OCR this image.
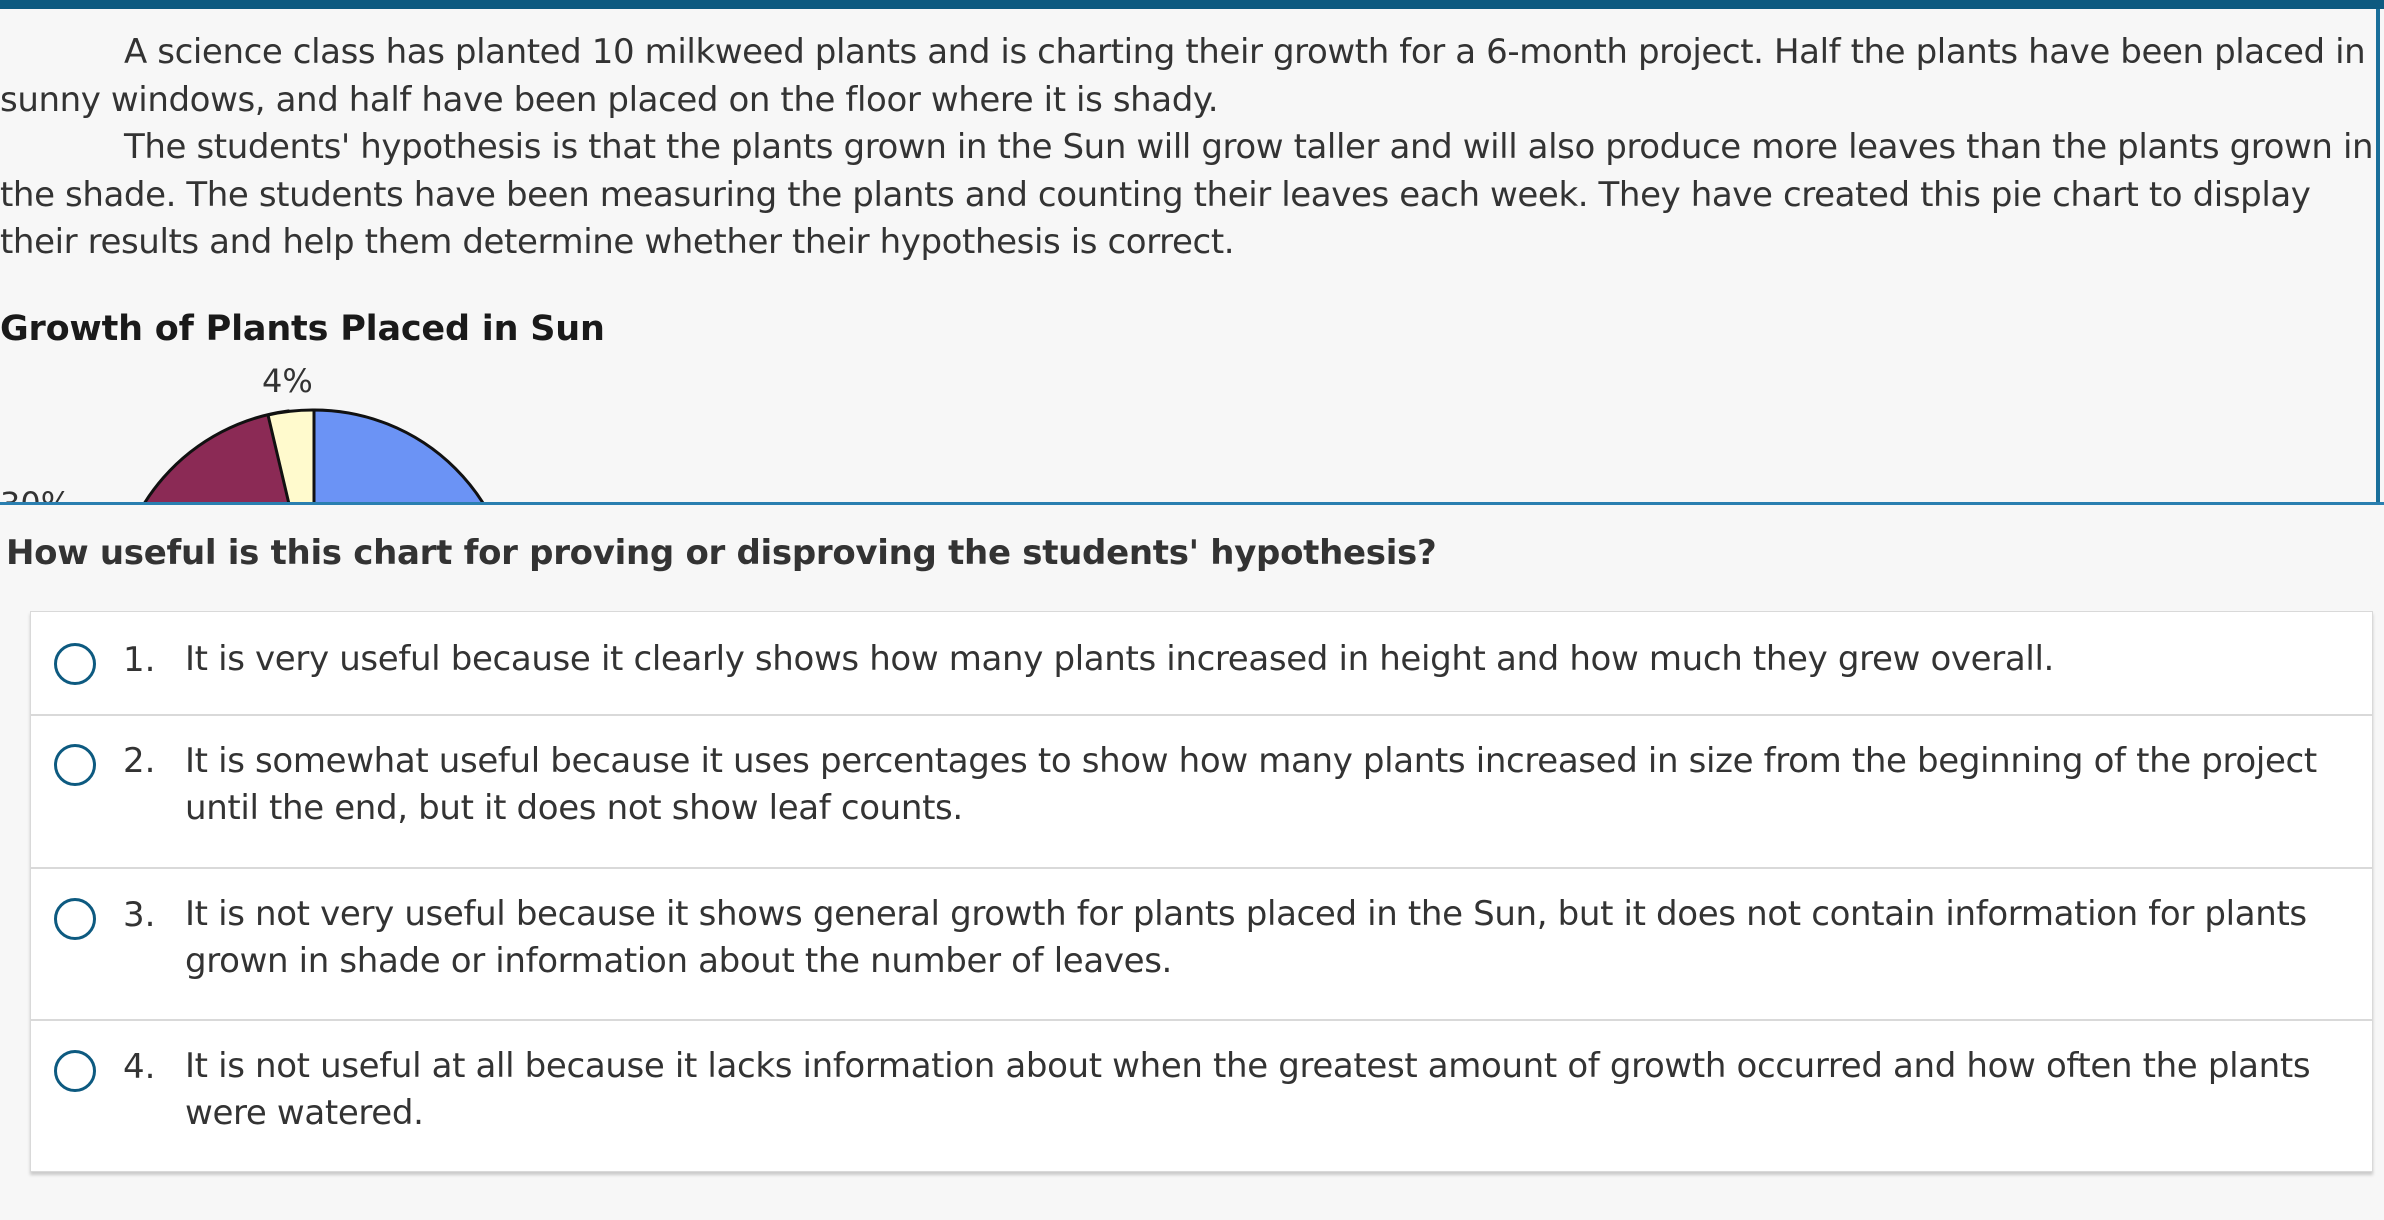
A science class has planted 10 milkweed plants and is charting their growth for a 6-month project. Half the plants have been placed in sunny windows, and half have been placed on the floor where it is shady.

The students' hypothesis is that the plants grown in the Sun will grow taller and will also produce more leaves than the plants grown in the shade. The students have been measuring the plants and counting their leaves each week. They have created this pie chart to display their results and help them determine whether their hypothesis is correct.

Growth of Plants Placed in Sun
4%
How useful is this chart for proving or disproving the students' hypothesis?
1. It is very useful because it clearly shows how many plants increased in height and how much they grew overall.
2. It is somewhat useful because it uses percentages to show how many plants increased in size from the beginning of the project until the end, but it does not show leaf counts.
3. It is not very useful because it shows general growth for plants placed in the Sun, but it does not contain information for plants grown in shade or information about the number of leaves.
4. It is not useful at all because it lacks information about when the greatest amount of growth occurred and how often the plants were watered.
